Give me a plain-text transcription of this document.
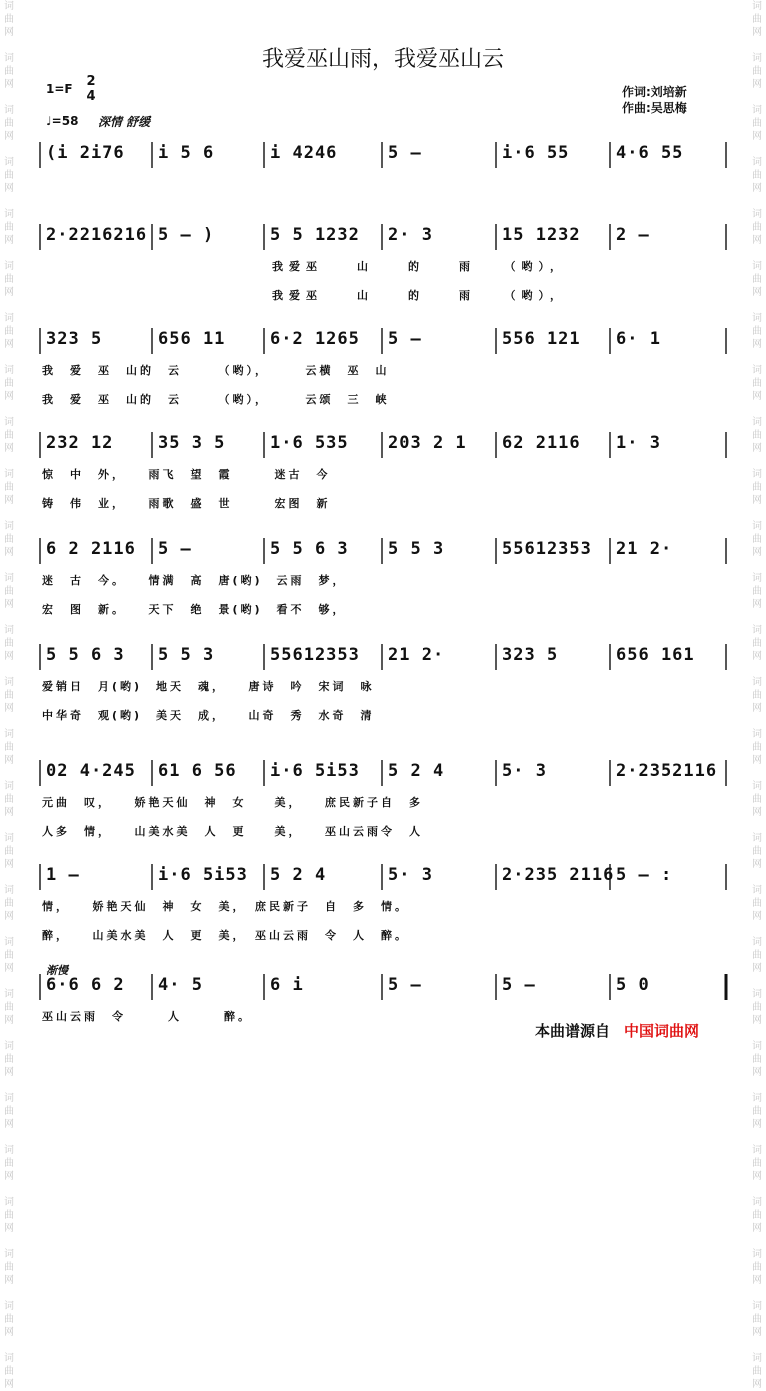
词
曲
网

词
曲
网

词
曲
网

词
曲
网

词
曲
网

词
曲
网

词
曲
网

词
曲
网

词
曲
网

词
曲
网

词
曲
网

词
曲
网

词
曲
网

词
曲
网

词
曲
网

词
曲
网

词
曲
网

词
曲
网

词
曲
网

词
曲
网

词
曲
网

词
曲
网

词
曲
网

词
曲
网

词
曲
网

词
曲
网

词
曲
网

词
曲
网

词
曲
网

词
曲
网

词
曲
网

词
曲
网

词
曲
网

词
曲
网

词
曲
网

词
曲
网

词
曲
网

词
曲
网

词
曲
网

词
曲
网

词
曲
网

词
曲
网

词
曲
网

词
曲
网

词
曲
网

词
曲
网

词
曲
网

词
曲
网

词
曲
网

词
曲
网

词
曲
网

词
曲
网

词
曲
网

词
曲
网

我爱巫山雨，我爱巫山云
1=F 2
4
♩=58 深情 舒缓
作词:刘培新
作曲:吴思梅
(i 2i76 i 5 6	i 4246	5 –	i·6 55	4·6 55
2·2216216 5 – )	5 5 1232 2· 3	15 1232 2 –
我爱巫　　山　　的　　雨　　（哟），
我爱巫　　山　　的　　雨　　（哟），
323 5	656 11	6·2 1265 5 –	556 121 6· 1
我　爱　巫　山的　云　　　（哟），　　　云横　巫　山
我　爱　巫　山的　云　　　（哟），　　　云颂　三　峡
232 12	35 3 5	1·6 535 203 2 1 62 2116 1· 3
惊　中　外，　　雨飞　望　霞　　　迷古　今
铸　伟　业，　　雨歌　盛　世　　　宏图　新
6 2 2116 5 –	5 5 6 3 5 5 3	55612353 21 2·
迷　古　今。　　情满　高　唐(哟)　云雨　梦，
宏　图　新。　　天下　绝　景(哟)　看不　够，
5 5 6 3 5 5 3	55612353 21 2·	323 5	656 161
爱销日　月(哟)　地天　魂，　　唐诗　吟　宋词　咏
中华奇　观(哟)　美天　成，　　山奇　秀　水奇　清
02 4·245 61 6 56 i·6 5i53 5 2 4	5· 3	2·2352116
元曲　叹，　　娇艳天仙　神　女　　美，　　庶民新子自　多
人多　情，　　山美水美　人　更　　美，　　巫山云雨令　人
1 –	i·6 5i53 5 2 4	5· 3	2·235 2116 5 – :
情，　　娇艳天仙　神　女　美，　庶民新子　自　多　情。
醉，　　山美水美　人　更　美，　巫山云雨　令　人　醉。
6·6 6 2 4· 5	6 i	5 –	5 –	5 0
巫山云雨　令　　　人　　　醉。
渐慢
本曲谱源自 中国词曲网
